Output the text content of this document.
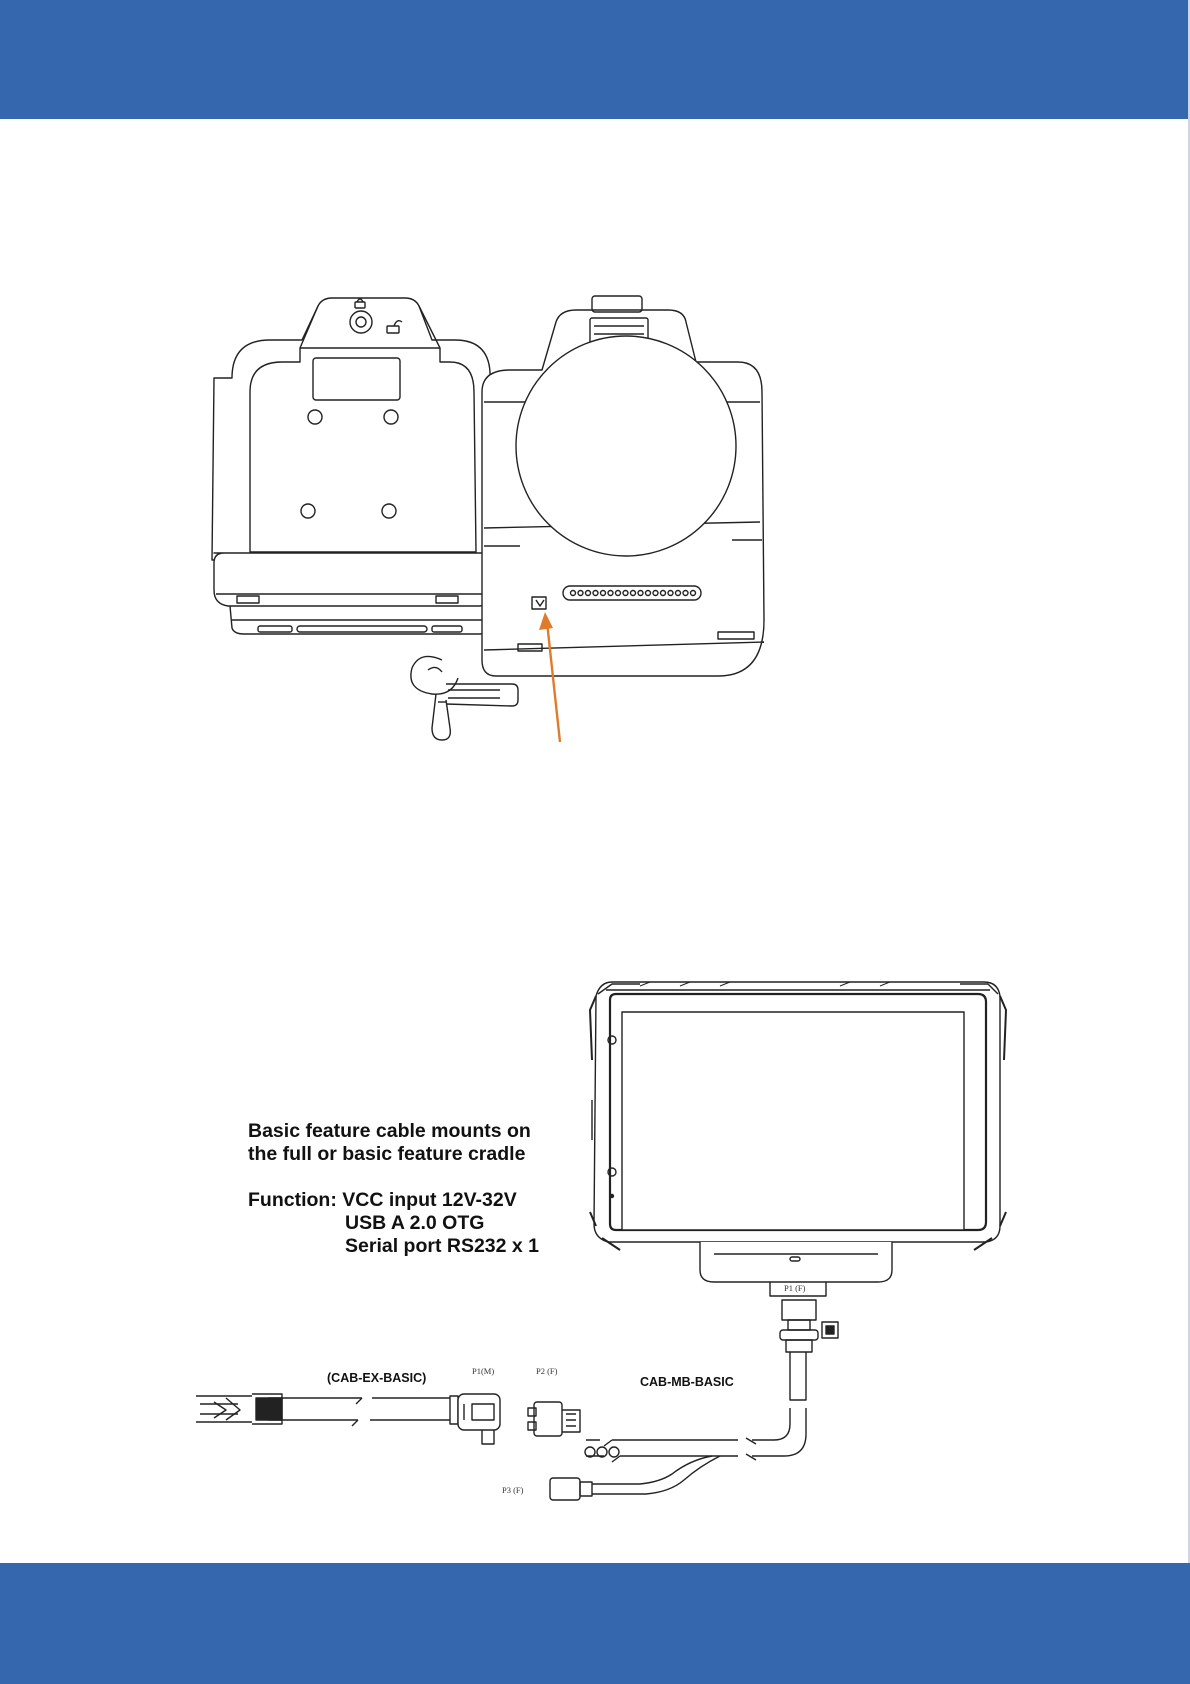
(CAB-EX-BASIC)	CAB-MB-BASIC
P1(M)	P2 (F)
P3 (F)
P1 (F)
Basic feature cable mounts on
the full or basic feature cradle
Function: VCC input 12V-32V
USB A 2.0 OTG
Serial port RS232 x 1
